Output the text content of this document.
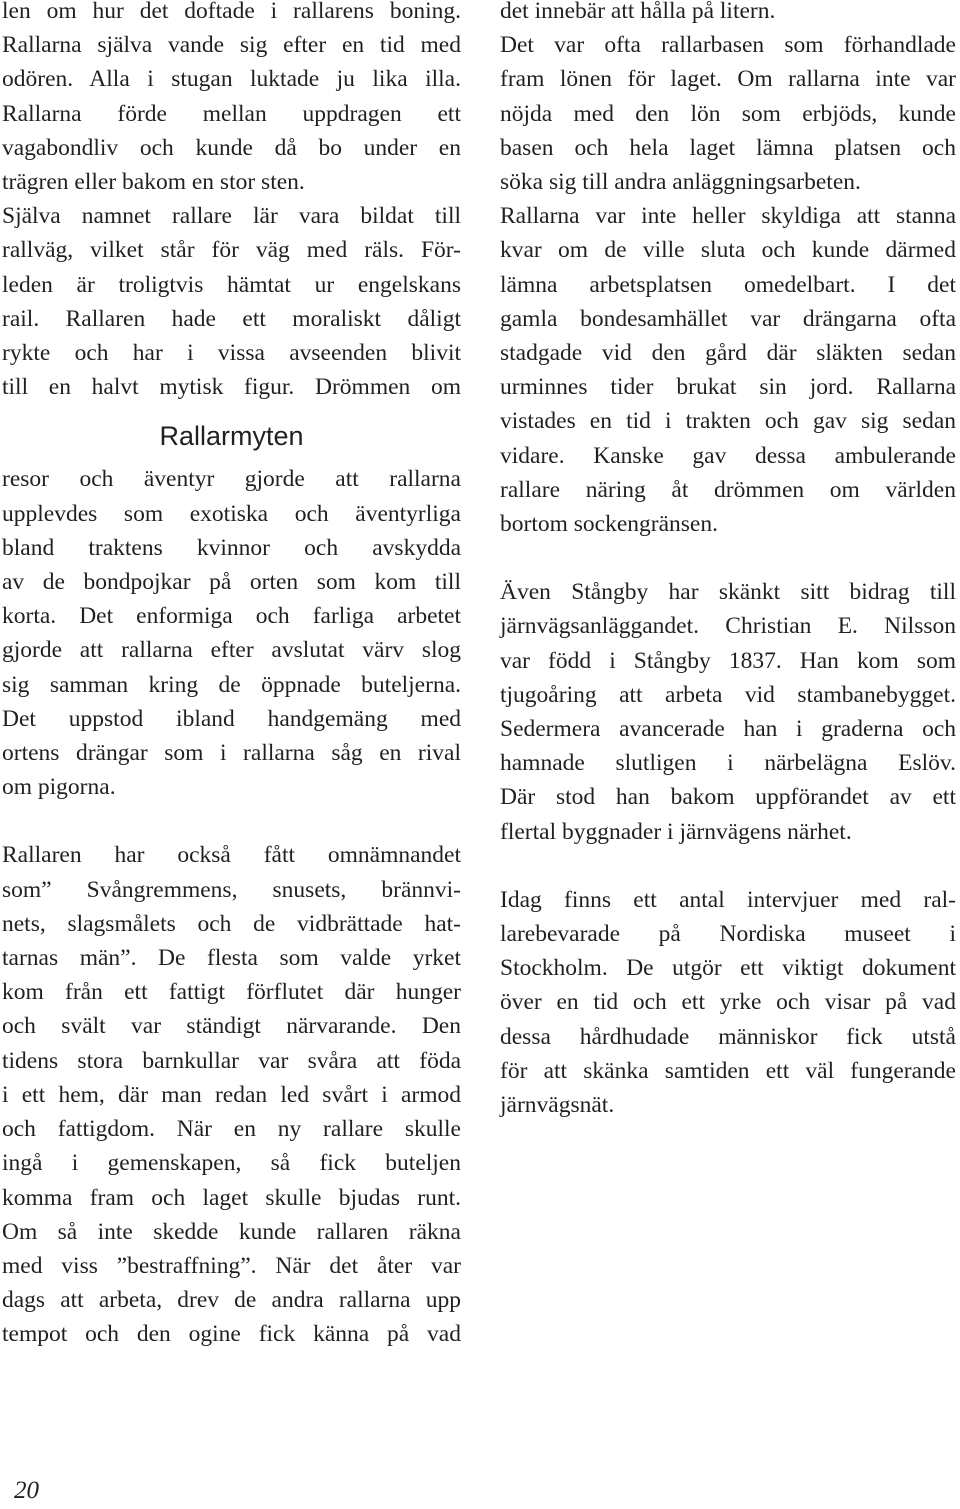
len om hur det doftade i rallarens boning.
Rallarna själva vande sig efter en tid med
odören. Alla i stugan luktade ju lika illa.
Rallarna förde mellan uppdragen ett
vagabondliv och kunde då bo under en
trägren eller bakom en stor sten.
Själva namnet rallare lär vara bildat till
rallväg, vilket står för väg med räls. För-
leden är troligtvis hämtat ur engelskans
rail. Rallaren hade ett moraliskt dåligt
rykte och har i vissa avseenden blivit
till en halvt mytisk figur. Drömmen om
Rallarmyten
resor och äventyr gjorde att rallarna
upplevdes som exotiska och äventyrliga
bland traktens kvinnor och avskydda
av de bondpojkar på orten som kom till
korta. Det enformiga och farliga arbetet
gjorde att rallarna efter avslutat värv slog
sig samman kring de öppnade buteljerna.
Det uppstod ibland handgemäng med
ortens drängar som i rallarna såg en rival
om pigorna.
Rallaren har också fått omnämnandet
som” Svångremmens, snusets, brännvi-
nets, slagsmålets och de vidbrättade hat-
tarnas män”. De flesta som valde yrket
kom från ett fattigt förflutet där hunger
och svält var ständigt närvarande. Den
tidens stora barnkullar var svåra att föda
i ett hem, där man redan led svårt i armod
och fattigdom. När en ny rallare skulle
ingå i gemenskapen, så fick buteljen
komma fram och laget skulle bjudas runt.
Om så inte skedde kunde rallaren räkna
med viss ”bestraffning”. När det åter var
dags att arbeta, drev de andra rallarna upp
tempot och den ogine fick känna på vad
det innebär att hålla på litern.
Det var ofta rallarbasen som förhandlade
fram lönen för laget. Om rallarna inte var
nöjda med den lön som erbjöds, kunde
basen och hela laget lämna platsen och
söka sig till andra anläggningsarbeten.
Rallarna var inte heller skyldiga att stanna
kvar om de ville sluta och kunde därmed
lämna arbetsplatsen omedelbart. I det
gamla bondesamhället var drängarna ofta
stadgade vid den gård där släkten sedan
urminnes tider brukat sin jord. Rallarna
vistades en tid i trakten och gav sig sedan
vidare. Kanske gav dessa ambulerande
rallare näring åt drömmen om världen
bortom sockengränsen.
Även Stångby har skänkt sitt bidrag till
järnvägsanläggandet. Christian E. Nilsson
var född i Stångby 1837. Han kom som
tjugoåring att arbeta vid stambanebygget.
Sedermera avancerade han i graderna och
hamnade slutligen i närbelägna Eslöv.
Där stod han bakom uppförandet av ett
flertal byggnader i järnvägens närhet.
Idag finns ett antal intervjuer med ral-
larebevarade på Nordiska museet i
Stockholm. De utgör ett viktigt dokument
över en tid och ett yrke och visar på vad
dessa hårdhudade människor fick utstå
för att skänka samtiden ett väl fungerande
järnvägsnät.
20
